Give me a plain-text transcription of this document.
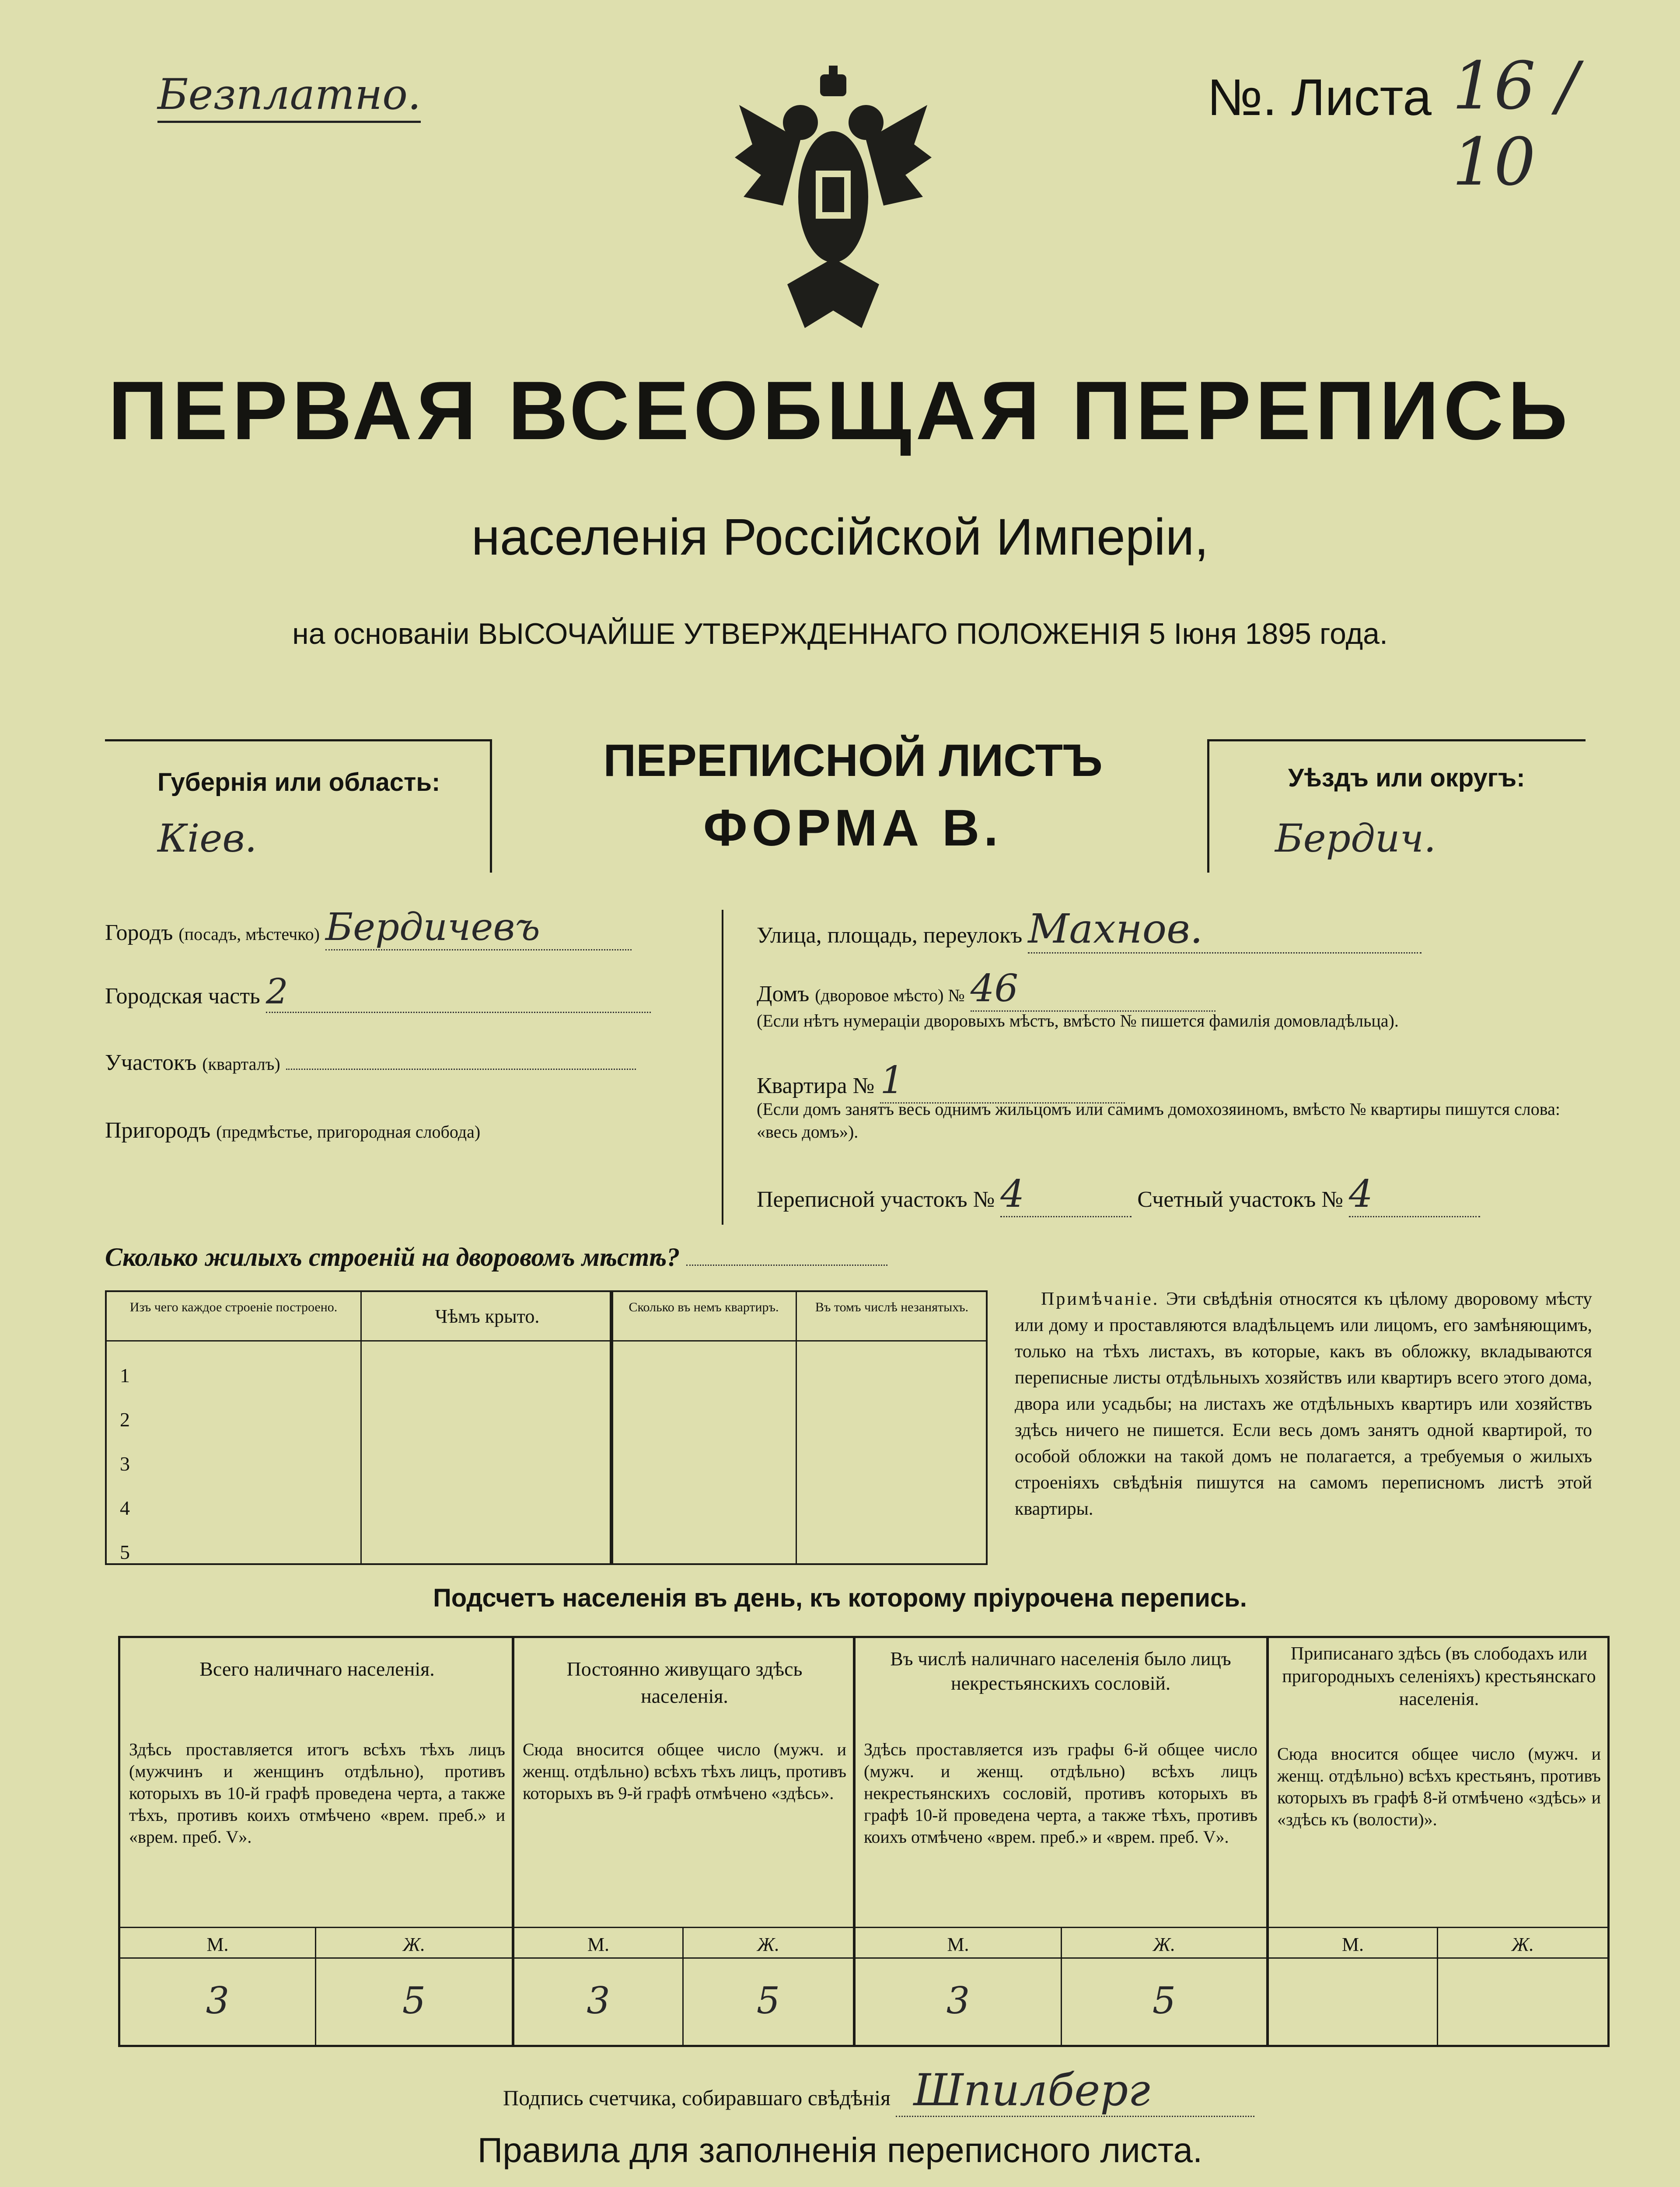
Безплатно.	№. Листа 16 / 10
ПЕРВАЯ ВСЕОБЩАЯ ПЕРЕПИСЬ
населенія Россійской Имперіи,
на основаніи ВЫСОЧАЙШЕ УТВЕРЖДЕННАГО ПОЛОЖЕНІЯ 5 Іюня 1895 года.
Губернія или область:
Кіев.
ПЕРЕПИСНОЙ ЛИСТЪ
ФОРМА В.
Уѣздъ или округъ:
Бердич.
Городъ (посадъ, мѣстечко) Бердичевъ
Городская часть 2
Участокъ (кварталъ)
Пригородъ (предмѣстье, пригородная слобода)
Улица, площадь, переулокъ Махнов.
Домъ (дворовое мѣсто) № 46
(Если нѣтъ нумераціи дворовыхъ мѣстъ, вмѣсто № пишется фамилія домовладѣльца).
Квартира № 1
(Если домъ занятъ весь однимъ жильцомъ или самимъ домохозяиномъ, вмѣсто № квартиры пишутся слова: «весь домъ»).
Переписной участокъ № 4	Счетный участокъ № 4
Сколько жилыхъ строеній на дворовомъ мѣстѣ?
Изъ чего каждое строеніе построено.	Чѣмъ крыто.	Сколько въ немъ квартиръ.	Въ томъ числѣ незанятыхъ.
1
2
3
4
5
Примѣчаніе. Эти свѣдѣнія относятся къ цѣлому дворовому мѣсту или дому и проставляются владѣльцемъ или лицомъ, его замѣняющимъ, только на тѣхъ листахъ, въ которые, какъ въ обложку, вкладываются переписные листы отдѣльныхъ хозяйствъ или квартиръ всего этого дома, двора или усадьбы; на листахъ же отдѣльныхъ квартиръ или хозяйствъ здѣсь ничего не пишется. Если весь домъ занятъ одной квартирой, то особой обложки на такой домъ не полагается, а требуемыя о жилыхъ строеніяхъ свѣдѣнія пишутся на самомъ переписномъ листѣ этой квартиры.
Подсчетъ населенія въ день, къ которому пріурочена перепись.
Всего наличнаго населенія.
Здѣсь проставляется итогъ всѣхъ тѣхъ лицъ (мужчинъ и женщинъ отдѣльно), противъ которыхъ въ 10-й графѣ проведена черта, а также тѣхъ, противъ коихъ отмѣчено «врем. преб.» и «врем. преб. V».
Постоянно живущаго здѣсь населенія.
Сюда вносится общее число (мужч. и женщ. отдѣльно) всѣхъ тѣхъ лицъ, противъ которыхъ въ 9-й графѣ отмѣчено «здѣсь».
Въ числѣ наличнаго населенія было лицъ некрестьянскихъ сословій.
Здѣсь проставляется изъ графы 6-й общее число (мужч. и женщ. отдѣльно) всѣхъ лицъ некрестьянскихъ сословій, противъ которыхъ въ графѣ 10-й проведена черта, а также тѣхъ, противъ коихъ отмѣчено «врем. преб.» и «врем. преб. V».
Приписанаго здѣсь (въ слободахъ или пригородныхъ селеніяхъ) крестьянскаго населенія.
Сюда вносится общее число (мужч. и женщ. отдѣльно) всѣхъ крестьянъ, противъ которыхъ въ графѣ 8-й отмѣчено «здѣсь» и «здѣсь къ (волости)».
М.	Ж.	М.	Ж.	М.	Ж.	М.	Ж.
3	5	3	5	3	5
Подпись счетчика, собиравшаго свѣдѣнія Шпилберг
Правила для заполненія переписного листа.
